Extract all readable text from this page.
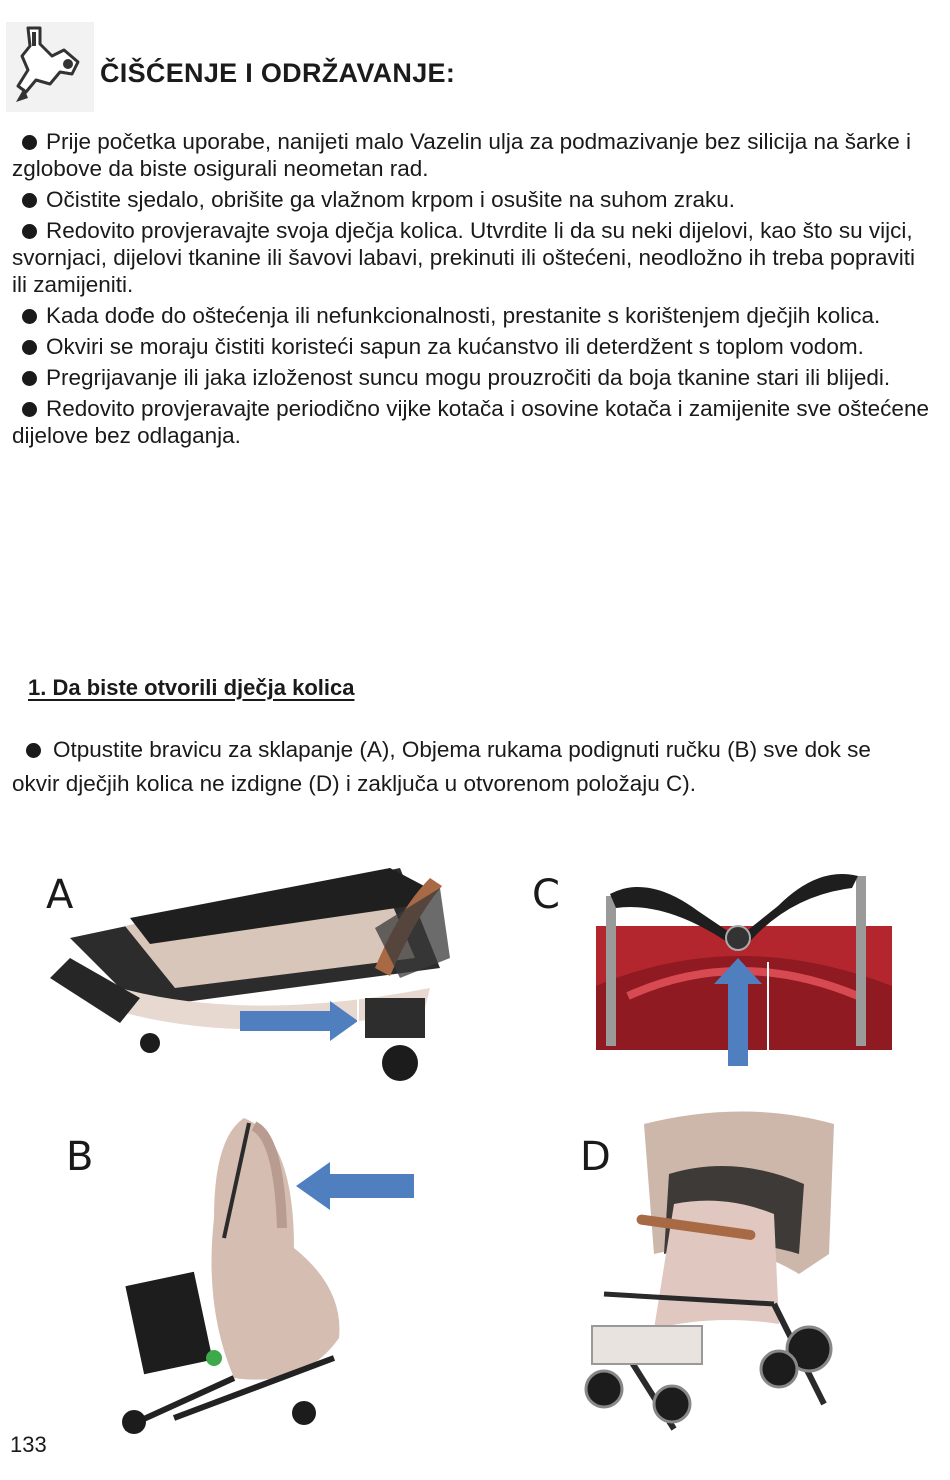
ČIŠĆENJE I ODRŽAVANJE:

Prije početka uporabe, nanijeti malo Vazelin ulja za podmazivanje bez silicija na šarke i zglobove da biste osigurali neometan rad.

Očistite sjedalo, obrišite ga vlažnom krpom i osušite na suhom zraku.

Redovito provjeravajte svoja dječja kolica. Utvrdite li da su neki dijelovi, kao što su vijci, svornjaci, dijelovi tkanine ili šavovi labavi, prekinuti ili oštećeni, neodložno ih treba popraviti ili zamijeniti.

Kada dođe do oštećenja ili nefunkcionalnosti, prestanite s korištenjem dječjih kolica.

Okviri se moraju čistiti koristeći sapun za kućanstvo ili deterdžent s toplom vodom.

Pregrijavanje ili jaka izloženost suncu mogu prouzročiti da boja tkanine stari ili blijedi.

Redovito provjeravajte periodično vijke kotača i osovine kotača i zamijenite sve oštećene dijelove bez odlaganja.

1. Da biste otvorili dječja kolica
Otpustite bravicu za sklapanje (A), Objema rukama podignuti ručku (B) sve dok se okvir dječjih kolica ne izdigne (D) i zaključa u otvorenom položaju C).
A	C
B	D
133
